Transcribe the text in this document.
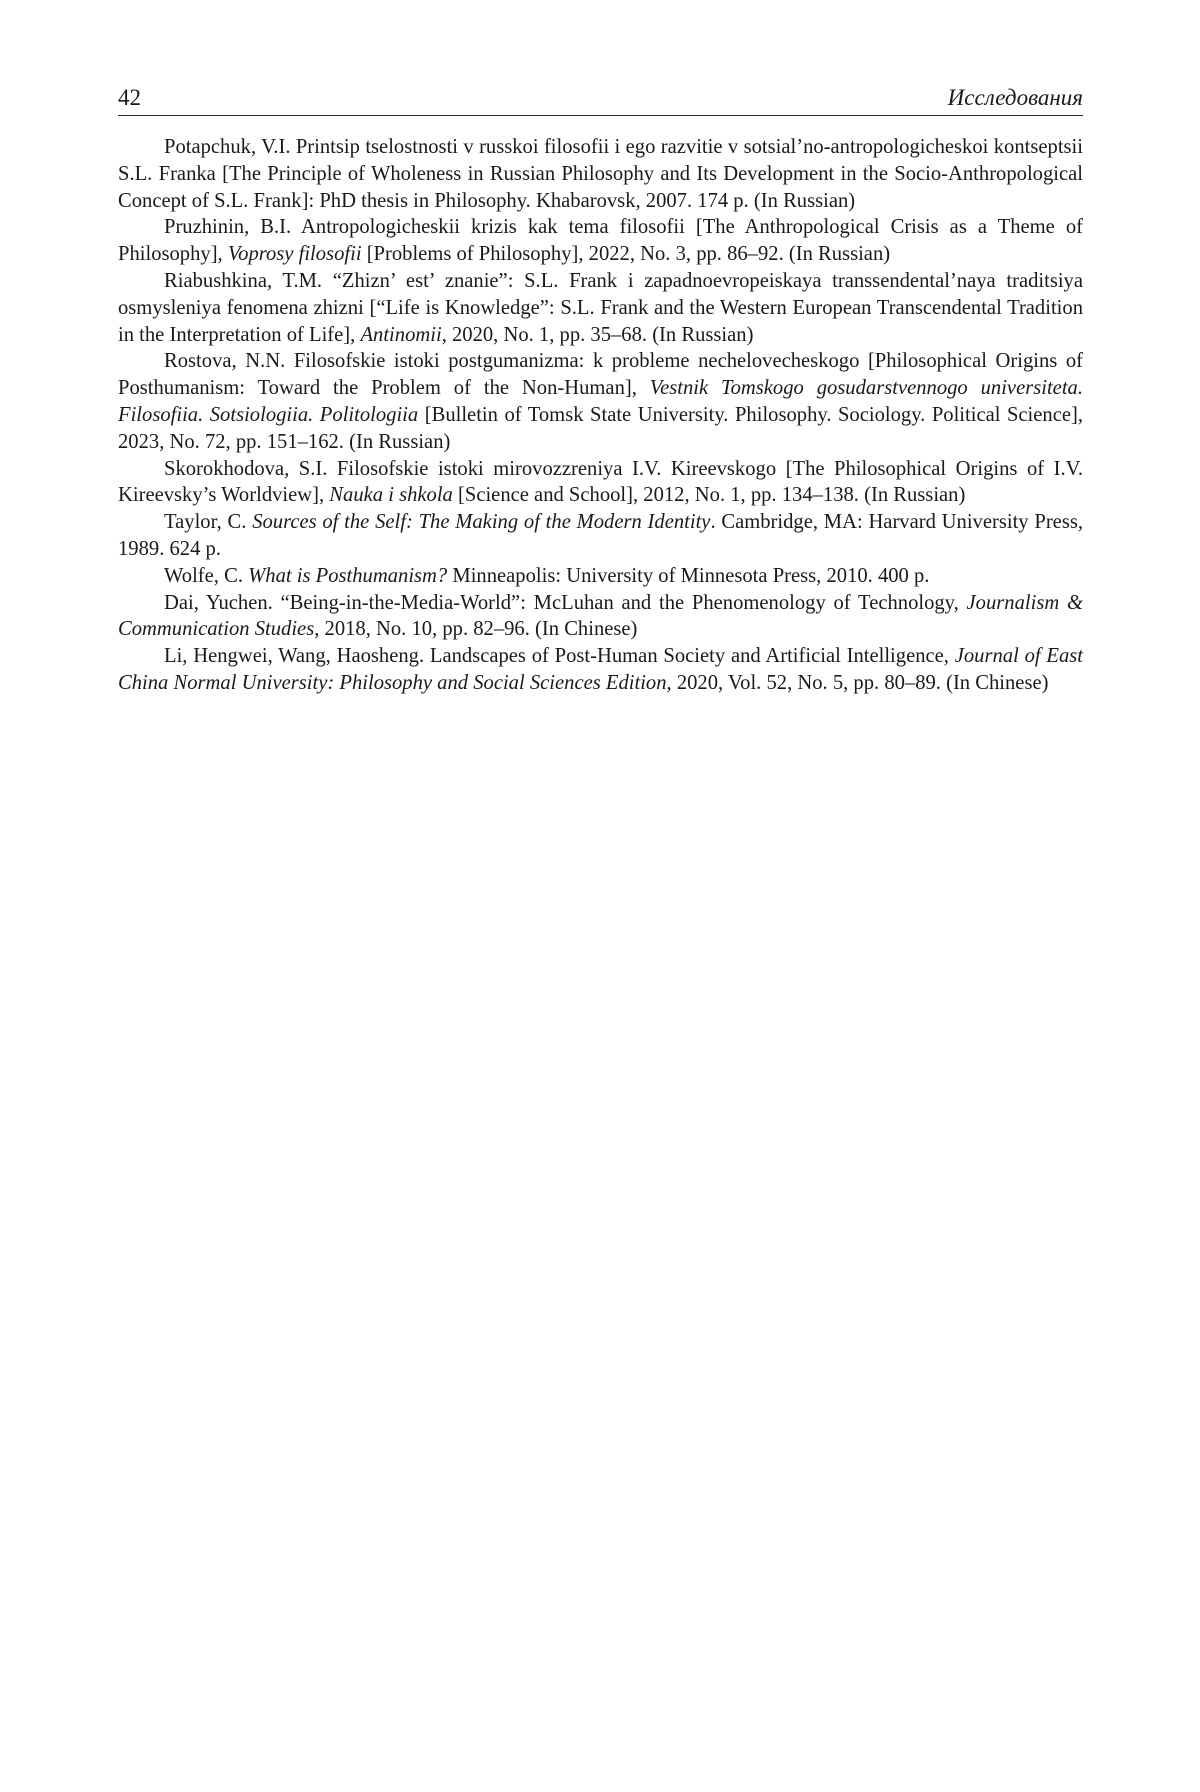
42	Исследования

Potapchuk, V.I. Printsip tselostnosti v russkoi filosofii i ego razvitie v sotsial’no-antropologicheskoi kontseptsii S.L. Franka [The Principle of Wholeness in Russian Philosophy and Its Development in the Socio-Anthropological Concept of S.L. Frank]: PhD thesis in Philosophy. Khabarovsk, 2007. 174 p. (In Russian)

Pruzhinin, B.I. Antropologicheskii krizis kak tema filosofii [The Anthropological Crisis as a Theme of Philosophy], Voprosy filosofii [Problems of Philosophy], 2022, No. 3, pp. 86–92. (In Russian)

Riabushkina, T.M. “Zhizn’ est’ znanie”: S.L. Frank i zapadnoevropeiskaya transsendental’naya traditsiya osmysleniya fenomena zhizni [“Life is Knowledge”: S.L. Frank and the Western European Transcendental Tradition in the Interpretation of Life], Antinomii, 2020, No. 1, pp. 35–68. (In Russian)

Rostova, N.N. Filosofskie istoki postgumanizma: k probleme nechelovecheskogo [Philosophical Origins of Posthumanism: Toward the Problem of the Non-Human], Vestnik Tomskogo gosudarstvennogo universiteta. Filosofiia. Sotsiologiia. Politologiia [Bulletin of Tomsk State University. Philosophy. Sociology. Political Science], 2023, No. 72, pp. 151–162. (In Russian)

Skorokhodova, S.I. Filosofskie istoki mirovozzreniya I.V. Kireevskogo [The Philosophical Origins of I.V. Kireevsky’s Worldview], Nauka i shkola [Science and School], 2012, No. 1, pp. 134–138. (In Russian)

Taylor, C. Sources of the Self: The Making of the Modern Identity. Cambridge, MA: Harvard University Press, 1989. 624 p.

Wolfe, C. What is Posthumanism? Minneapolis: University of Minnesota Press, 2010. 400 p.

Dai, Yuchen. “Being-in-the-Media-World”: McLuhan and the Phenomenology of Technology, Journalism & Communication Studies, 2018, No. 10, pp. 82–96. (In Chinese)

Li, Hengwei, Wang, Haosheng. Landscapes of Post-Human Society and Artificial Intelligence, Journal of East China Normal University: Philosophy and Social Sciences Edition, 2020, Vol. 52, No. 5, pp. 80–89. (In Chinese)
